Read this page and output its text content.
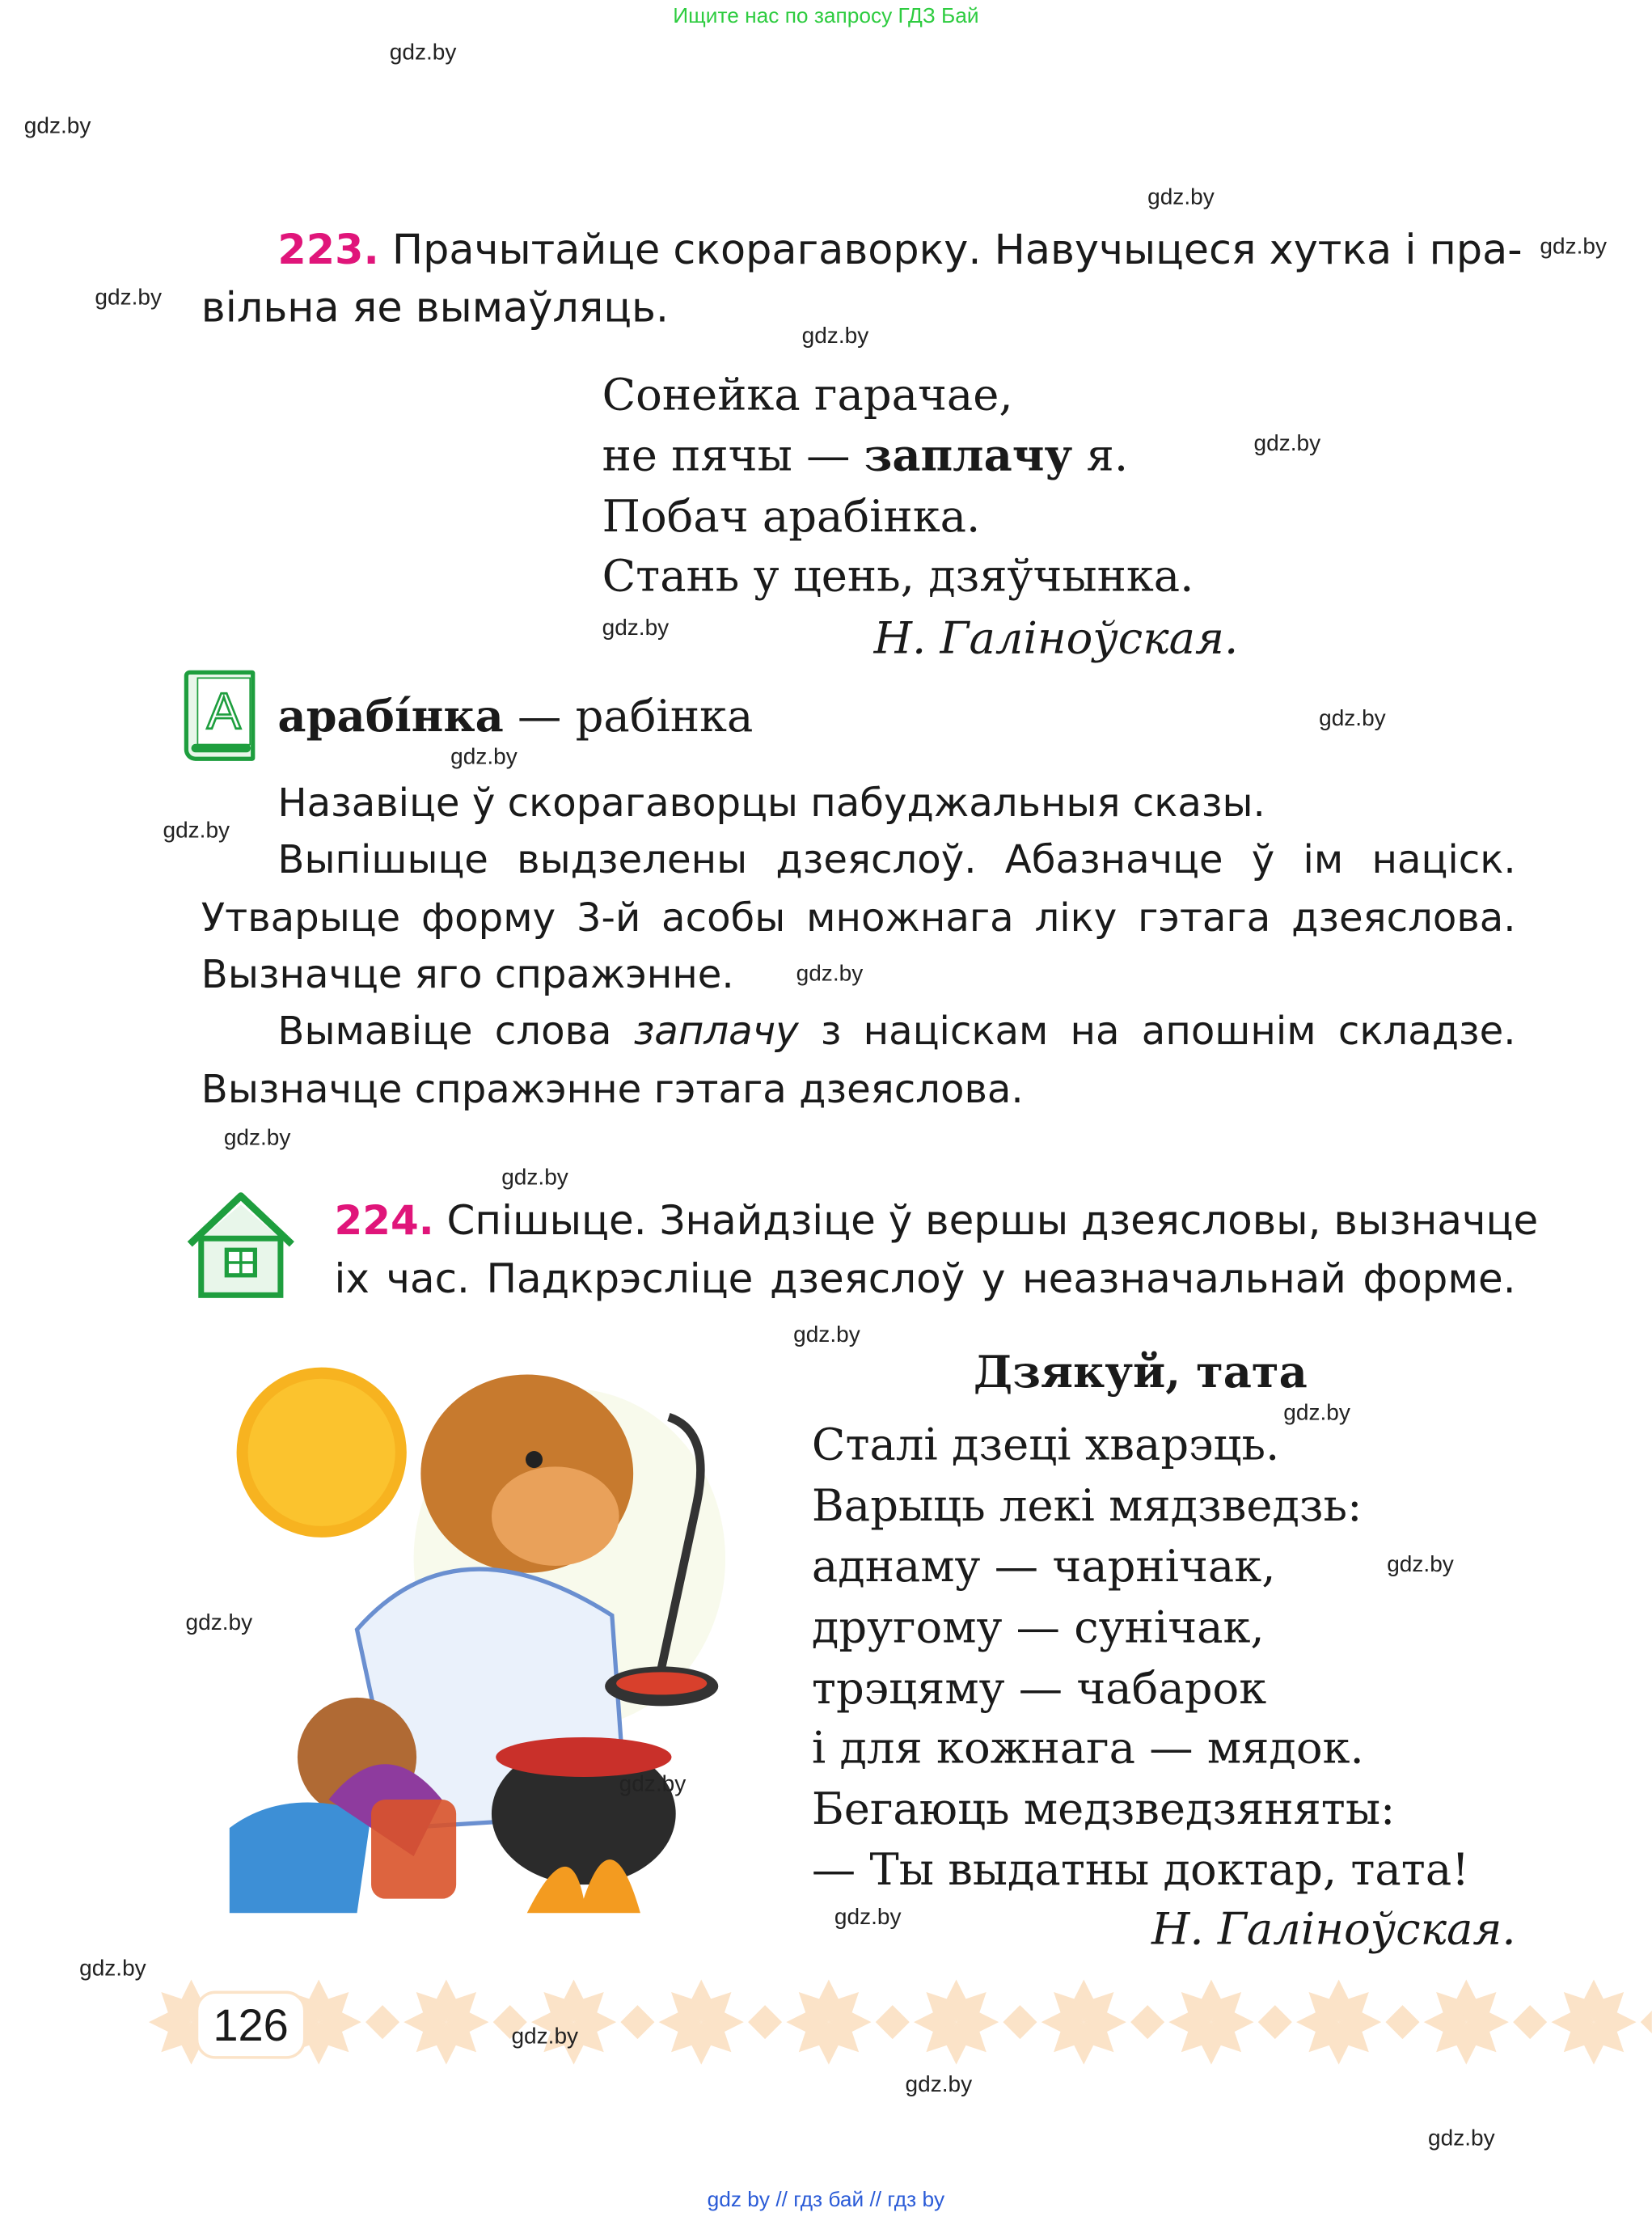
Ищите нас по запросу ГДЗ Бай
gdz.by
gdz.by
gdz.by
gdz.by
gdz.by
gdz.by
gdz.by
gdz.by
gdz.by
gdz.by
gdz.by
gdz.by
gdz.by
gdz.by
gdz.by
gdz.by
gdz.by
gdz.by
gdz.by
gdz.by
gdz.by
gdz.by
223. Прачытайце скорагаворку. Навучыцеся хутка і пра-
вільна яе вымаўляць.
Сонейка гарачае,
не пячы — заплачу я.
Побач арабінка.
Стань у цень, дзяўчынка.
Н. Галіноўская.
A	арабі́нка — рабінка
Назавіце ў скорагаворцы пабуджальныя сказы.
Выпішыце выдзелены дзеяслоў. Абазначце ў ім націск.
Утварыце форму 3-й асобы множнага ліку гэтага дзеяслова.
Вызначце яго спражэнне.
Вымавіце слова заплачу з націскам на апошнім складзе.
Вызначце спражэнне гэтага дзеяслова.
224. Спішыце. Знайдзіце ў вершы дзеясловы, вызначце
іх час. Падкрэсліце дзеяслоў у неазначальнай форме.
Дзякуй, тата
Сталі дзеці хварэць.
Варыць лекі мядзведзь:
аднаму — чарнічак,
другому — сунічак,
трэцяму — чабарок
і для кожнага — мядок.
Бегаюць медзведзяняты:
— Ты выдатны доктар, тата!
Н. Галіноўская.
126	gdz.by
gdz.by
gdz by // гдз бай // гдз by
